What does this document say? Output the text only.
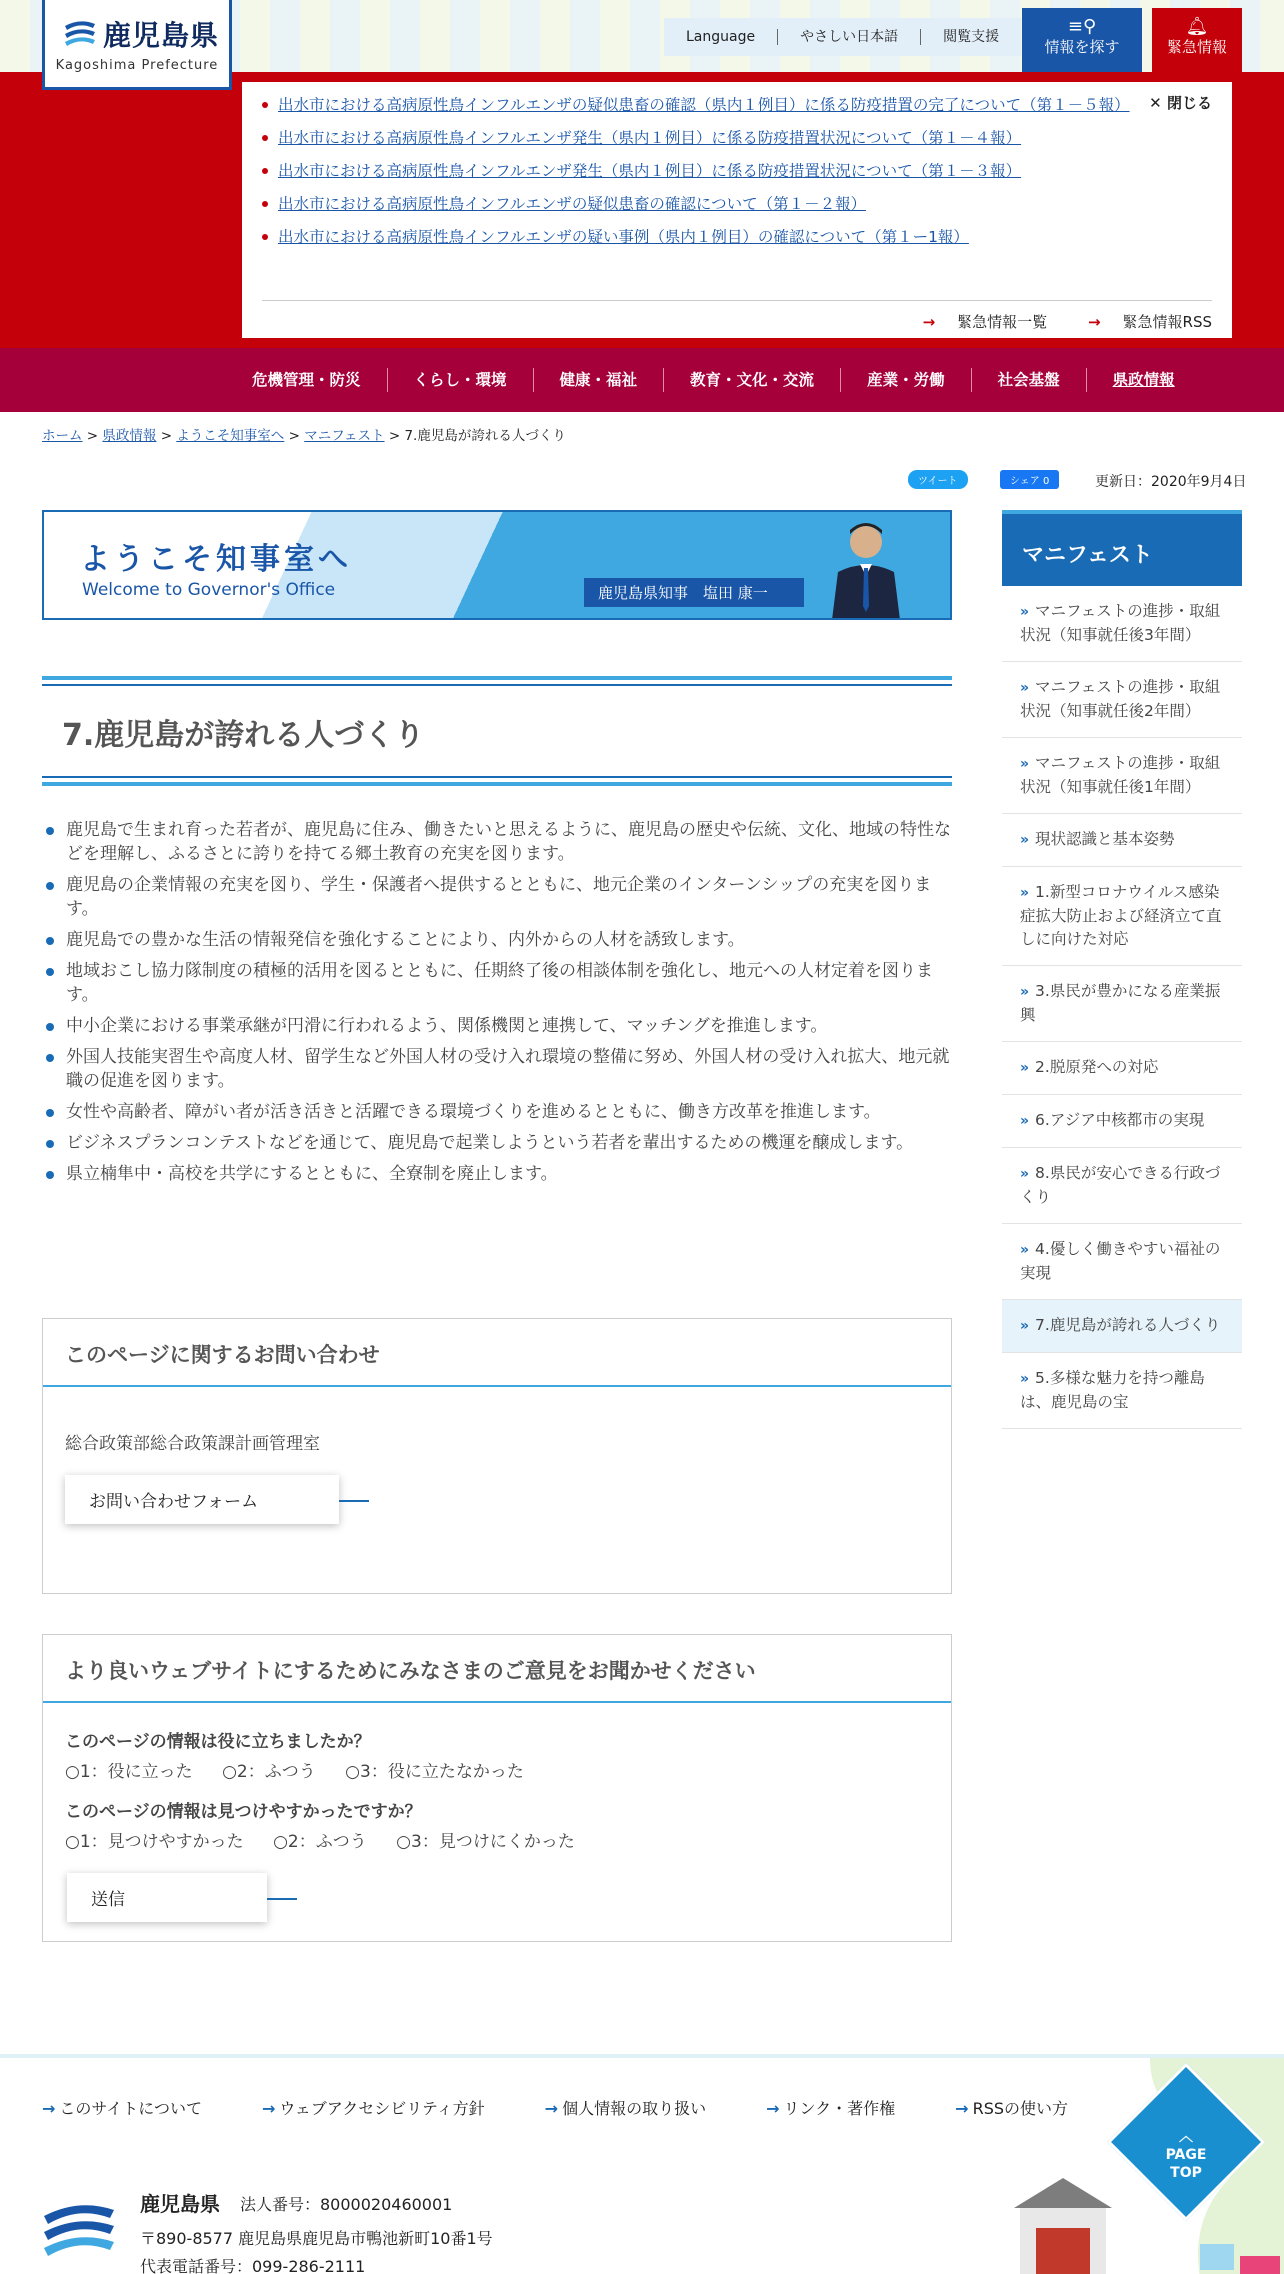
鹿児島県
Kagoshima Prefecture
Language	やさしい日本語	閲覧支援	≡⚲
情報を探す
🔔︎
緊急情報
出水市における高病原性鳥インフルエンザの疑似患畜の確認（県内１例目）に係る防疫措置の完了について（第１－５報）
出水市における高病原性鳥インフルエンザ発生（県内１例目）に係る防疫措置状況について（第１－４報）
出水市における高病原性鳥インフルエンザ発生（県内１例目）に係る防疫措置状況について（第１－３報）
出水市における高病原性鳥インフルエンザの疑似患畜の確認について（第１－２報）
出水市における高病原性鳥インフルエンザの疑い事例（県内１例目）の確認について（第１ー1報）
✕ 閉じる
→ 緊急情報一覧	→ 緊急情報RSS
危機管理・防災	くらし・環境	健康・福祉	教育・文化・交流	産業・労働	社会基盤	県政情報
ホーム > 県政情報 > ようこそ知事室へ > マニフェスト > 7.鹿児島が誇れる人づくり
ツイート	シェア 0	更新日：2020年9月4日
ようこそ知事室へ
Welcome to Governor's Office	鹿児島県知事　塩田 康一
7.鹿児島が誇れる人づくり
鹿児島で生まれ育った若者が、鹿児島に住み、働きたいと思えるように、鹿児島の歴史や伝統、文化、地域の特性などを理解し、ふるさとに誇りを持てる郷土教育の充実を図ります。
鹿児島の企業情報の充実を図り、学生・保護者へ提供するとともに、地元企業のインターンシップの充実を図ります。
鹿児島での豊かな生活の情報発信を強化することにより、内外からの人材を誘致します。
地域おこし協力隊制度の積極的活用を図るとともに、任期終了後の相談体制を強化し、地元への人材定着を図ります。
中小企業における事業承継が円滑に行われるよう、関係機関と連携して、マッチングを推進します。
外国人技能実習生や高度人材、留学生など外国人材の受け入れ環境の整備に努め、外国人材の受け入れ拡大、地元就職の促進を図ります。
女性や高齢者、障がい者が活き活きと活躍できる環境づくりを進めるとともに、働き方改革を推進します。
ビジネスプランコンテストなどを通じて、鹿児島で起業しようという若者を輩出するための機運を醸成します。
県立楠隼中・高校を共学にするとともに、全寮制を廃止します。
このページに関するお問い合わせ
総合政策部総合政策課計画管理室
お問い合わせフォーム
より良いウェブサイトにするためにみなさまのご意見をお聞かせください
このページの情報は役に立ちましたか？
○1：役に立った ○2：ふつう ○3：役に立たなかった
このページの情報は見つけやすかったですか？
○1：見つけやすかった ○2：ふつう ○3：見つけにくかった
送信
マニフェスト
» マニフェストの進捗・取組状況（知事就任後3年間）
» マニフェストの進捗・取組状況（知事就任後2年間）
» マニフェストの進捗・取組状況（知事就任後1年間）
» 現状認識と基本姿勢
» 1.新型コロナウイルス感染症拡大防止および経済立て直しに向けた対応
» 3.県民が豊かになる産業振興
» 2.脱原発への対応
» 6.アジア中核都市の実現
» 8.県民が安心できる行政づくり
» 4.優しく働きやすい福祉の実現
» 7.鹿児島が誇れる人づくり
» 5.多様な魅力を持つ離島は、鹿児島の宝
→ このサイトについて	→ ウェブアクセシビリティ方針	→ 個人情報の取り扱い	→ リンク・著作権	→ RSSの使い方
鹿児島県 法人番号：8000020460001
〒890-8577 鹿児島県鹿児島市鴨池新町10番1号
代表電話番号：099-286-2111
︿
PAGE
TOP
